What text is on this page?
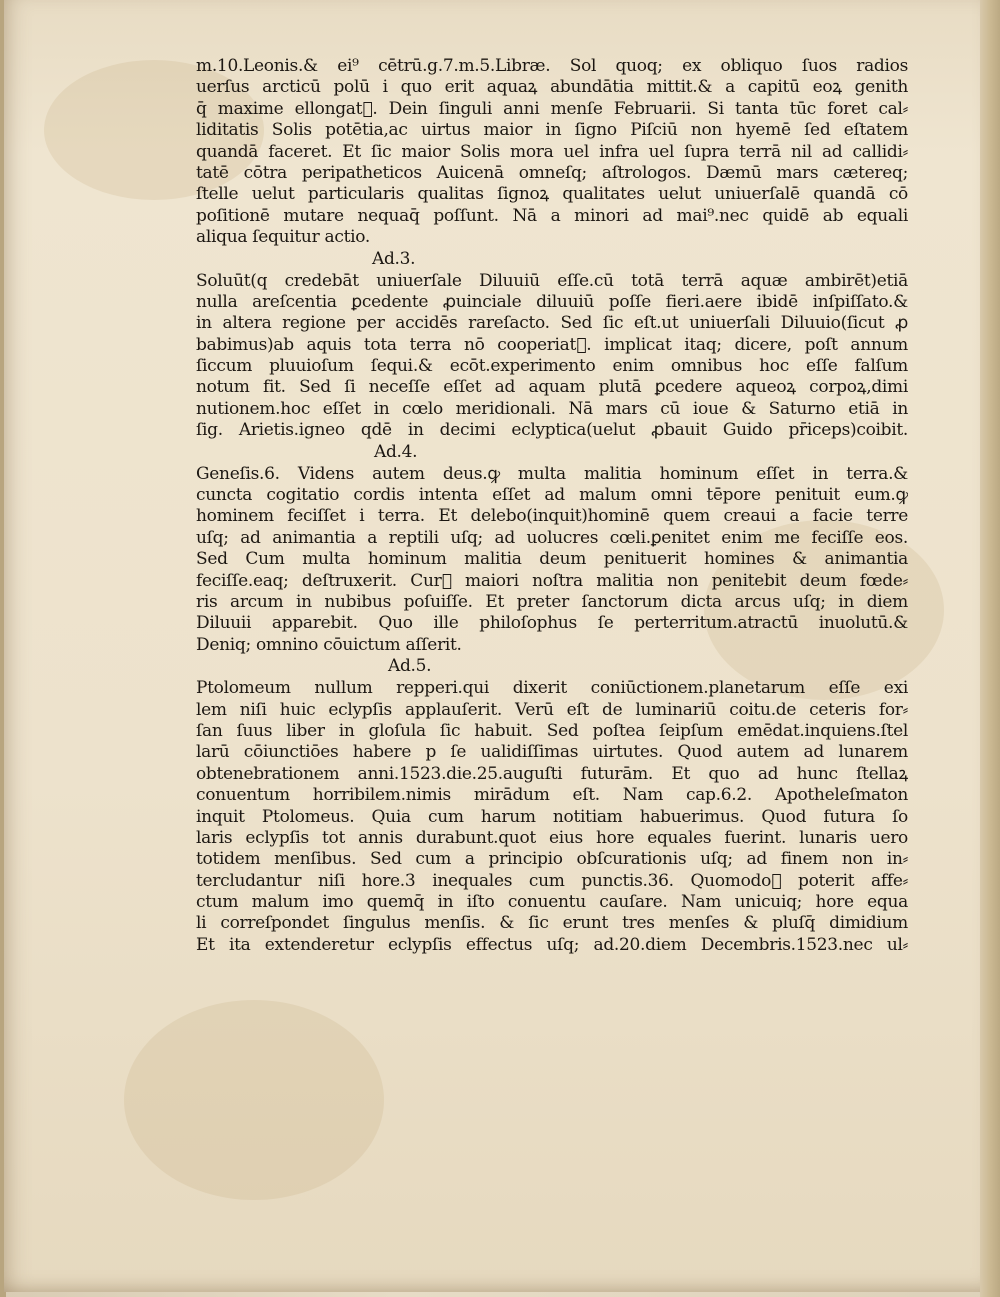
m.10.Leonis.& ei⁹ cētrū.g.7.m.5.Libræ. Sol quoq; ex obliquo ſuos radios
uerſus arcticū polū i quo erit aquaꝝ abundātia mittit.& a capitū eoꝝ genith
q̄ maxime ellongat᷑. Dein ſinguli anni menſe Februarii. Si tanta tūc foret cal⸗
liditatis Solis potētia,ac uirtus maior in ſigno Piſciū non hyemē ſed eſtatem
quandā faceret. Et ſic maior Solis mora uel infra uel ſupra terrā nil ad callidi⸗
tatē cōtra peripatheticos Auicenā omneſq; aſtrologos. Dæmū mars cætereq;
ſtelle uelut particularis qualitas ſignoꝝ qualitates uelut uniuerſalē quandā cō
poſitionē mutare nequaq̄ poſſunt. Nā a minori ad mai⁹.nec quidē ab equali
aliqua ſequitur actio.
Ad.3.
Soluūt(q credebāt uniuerſale Diluuiū eſſe.cū totā terrā aquæ ambirēt)etiā
nulla areſcentia ꝑcedente ꝓuinciale diluuiū poſſe fieri.aere ibidē inſpiſſato.&
in altera regione per accidēs rareſacto. Sed ſic eſt.ut uniuerſali Diluuio(ſicut ꝓ
babimus)ab aquis tota terra nō cooperiat᷑. implicat itaq; dicere, poſt annum
ſiccum pluuioſum ſequi.& ecōt.experimento enim omnibus hoc eſſe falſum
notum fit. Sed ſi neceſſe eſſet ad aquam plutā ꝑcedere aqueoꝝ corpoꝝ,dimi
nutionem.hoc eſſet in cœlo meridionali. Nā mars cū ioue & Saturno etiā in
ſig. Arietis.igneo qdē in decimi eclyptica(uelut ꝓbauit Guido pr̄iceps)coibit.
Ad.4.
Geneſis.6. Videns autem deus.ꝙ multa malitia hominum eſſet in terra.&
cuncta cogitatio cordis intenta eſſet ad malum omni tēpore penituit eum.ꝙ
hominem feciſſet i terra. Et delebo(inquit)hominē quem creaui a facie terre
uſq; ad animantia a reptili uſq; ad uolucres cœli.ꝑenitet enim me feciſſe eos.
Sed Cum multa hominum malitia deum penituerit homines & animantia
feciſſe.eaq; deſtruxerit. Cur᷑ maiori noſtra malitia non penitebit deum fœde⸗
ris arcum in nubibus poſuiſſe. Et preter ſanctorum dicta arcus uſq; in diem
Diluuii apparebit. Quo ille philoſophus ſe perterritum.atractū inuolutū.&
Deniq; omnino cōuictum aſſerit.
Ad.5.
Ptolomeum nullum repperi.qui dixerit coniūctionem.planetarum eſſe exi
lem niſi huic eclypſis applauſerit. Verū eſt de luminariū coitu.de ceteris for⸗
ſan ſuus liber in gloſula ſic habuit. Sed poſtea ſeipſum emēdat.inquiens.ſtel
larū cōiunctiōes habere p ſe ualidiſſimas uirtutes. Quod autem ad lunarem
obtenebrationem anni.1523.die.25.auguſti futurām. Et quo ad hunc ſtellaꝝ
conuentum horribilem.nimis mirādum eſt. Nam cap.6.2. Apotheleſmaton
inquit Ptolomeus. Quia cum harum notitiam habuerimus. Quod futura ſo
laris eclypſis tot annis durabunt.quot eius hore equales fuerint. lunaris uero
totidem menſibus. Sed cum a principio obſcurationis uſq; ad finem non in⸗
tercludantur niſi hore.3 inequales cum punctis.36. Quomodo᷑ poterit affe⸗
ctum malum imo quemq̄ in iſto conuentu cauſare. Nam unicuiq; hore equa
li correſpondet ſingulus menſis. & ſic erunt tres menſes & pluſq̄ dimidium
Et ita extenderetur eclypſis effectus uſq; ad.20.diem Decembris.1523.nec ul⸗
